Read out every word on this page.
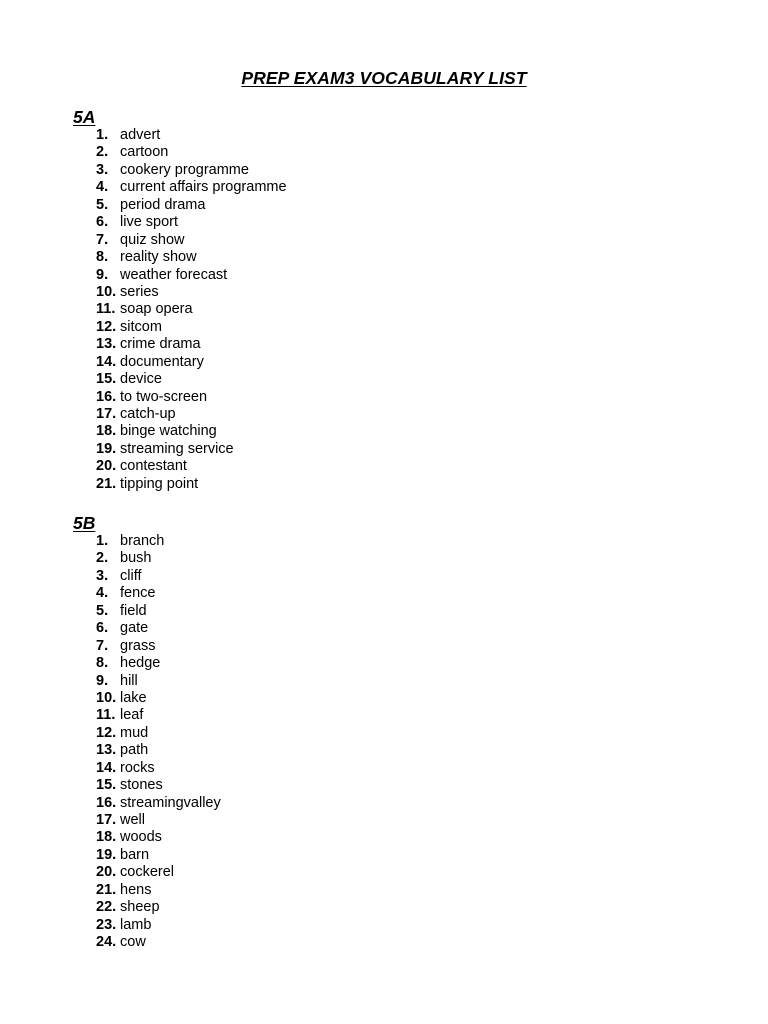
PREP EXAM3 VOCABULARY LIST
5A
1. advert
2. cartoon
3. cookery programme
4. current affairs programme
5. period drama
6. live sport
7. quiz show
8. reality show
9. weather forecast
10. series
11. soap opera
12. sitcom
13. crime drama
14. documentary
15. device
16. to two-screen
17. catch-up
18. binge watching
19. streaming service
20. contestant
21. tipping point
5B
1. branch
2. bush
3. cliff
4. fence
5. field
6. gate
7. grass
8. hedge
9. hill
10. lake
11. leaf
12. mud
13. path
14. rocks
15. stones
16. streamingvalley
17. well
18. woods
19. barn
20. cockerel
21. hens
22. sheep
23. lamb
24. cow
